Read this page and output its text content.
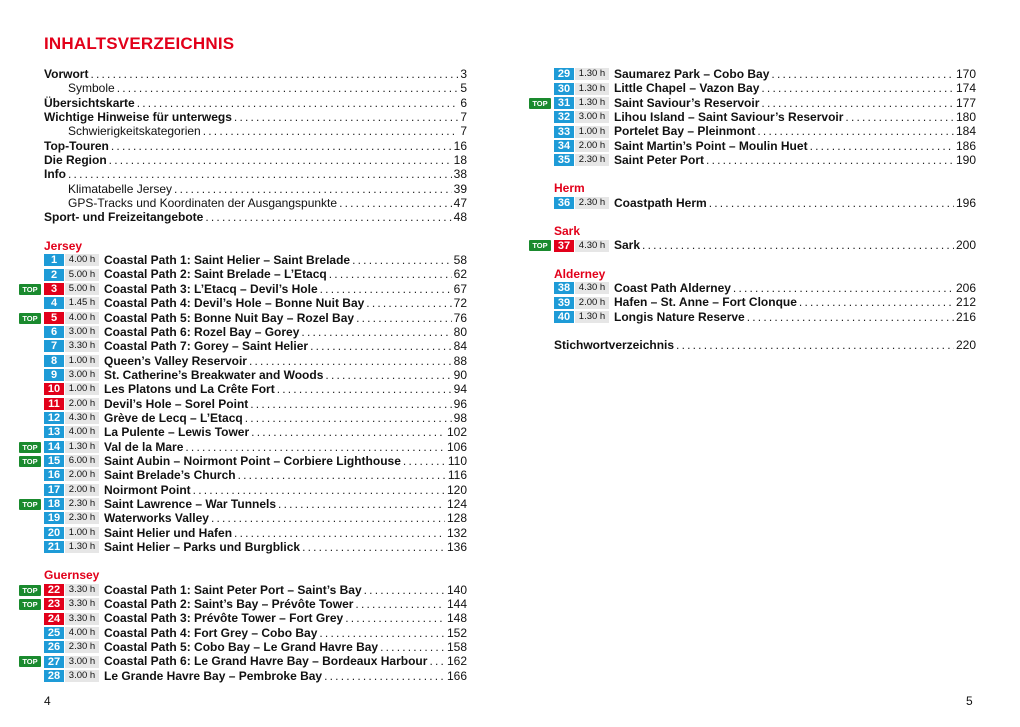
INHALTSVERZEICHNIS
Vorwort .....	3
Symbole .....	5
Übersichtskarte .....	6
Wichtige Hinweise für unterwegs .....	7
Schwierigkeitskategorien .....	7
Top-Touren .....	16
Die Region .....	18
Info .....	38
Klimatabelle Jersey .....	39
GPS-Tracks und Koordinaten der Ausgangspunkte .....	47
Sport- und Freizeitangebote .....	48
Jersey
1	4.00 h Coastal Path 1: Saint Helier – Saint Brelade .....	58
2	5.00 h Coastal Path 2: Saint Brelade – L’Etacq .....	62
TOP	3	5.00 h Coastal Path 3: L’Etacq – Devil’s Hole .....	67
4	1.45 h Coastal Path 4: Devil’s Hole – Bonne Nuit Bay .....	72
TOP	5	4.00 h Coastal Path 5: Bonne Nuit Bay – Rozel Bay .....	76
6	3.00 h Coastal Path 6: Rozel Bay – Gorey .....	80
7	3.30 h Coastal Path 7: Gorey – Saint Helier .....	84
8	1.00 h Queen’s Valley Reservoir .....	88
9	3.00 h St. Catherine’s Breakwater and Woods .....	90
10 1.00 h Les Platons und La Crête Fort .....	94
11 2.00 h Devil’s Hole – Sorel Point .....	96
12 4.30 h Grève de Lecq – L’Etacq .....	98
13 4.00 h La Pulente – Lewis Tower .....	102
TOP 14 1.30 h Val de la Mare .....	106
TOP 15 6.00 h Saint Aubin – Noirmont Point – Corbiere Lighthouse .....	110
16 2.00 h Saint Brelade’s Church .....	116
17 2.00 h Noirmont Point .....	120
TOP 18 2.30 h Saint Lawrence – War Tunnels .....	124
19 2.30 h Waterworks Valley .....	128
20 1.00 h Saint Helier und Hafen .....	132
21 1.30 h Saint Helier – Parks und Burgblick .....	136
Guernsey
TOP 22 3.30 h Coastal Path 1: Saint Peter Port – Saint’s Bay .....	140
TOP 23 3.30 h Coastal Path 2: Saint’s Bay – Prévôte Tower .....	144
24 3.30 h Coastal Path 3: Prévôte Tower – Fort Grey .....	148
25 4.00 h Coastal Path 4: Fort Grey – Cobo Bay .....	152
26 2.30 h Coastal Path 5: Cobo Bay – Le Grand Havre Bay .....	158
TOP 27 3.00 h Coastal Path 6: Le Grand Havre Bay – Bordeaux Harbour ..... 162
28 3.00 h Le Grande Havre Bay – Pembroke Bay .....	166
4
29 1.30 h Saumarez Park – Cobo Bay .....	170
30 1.30 h Little Chapel – Vazon Bay .....	174
TOP 31 1.30 h Saint Saviour’s Reservoir .....	177
32 3.00 h Lihou Island – Saint Saviour’s Reservoir .....	180
33 1.00 h Portelet Bay – Pleinmont .....	184
34 2.00 h Saint Martin’s Point – Moulin Huet .....	186
35 2.30 h Saint Peter Port .....	190
Herm
36 2.30 h Coastpath Herm .....	196
Sark
TOP 37 4.30 h Sark .....	200
Alderney
38 4.30 h Coast Path Alderney .....	206
39 2.00 h Hafen – St. Anne – Fort Clonque .....	212
40 1.30 h Longis Nature Reserve .....	216
Stichwortverzeichnis .....	220
5
